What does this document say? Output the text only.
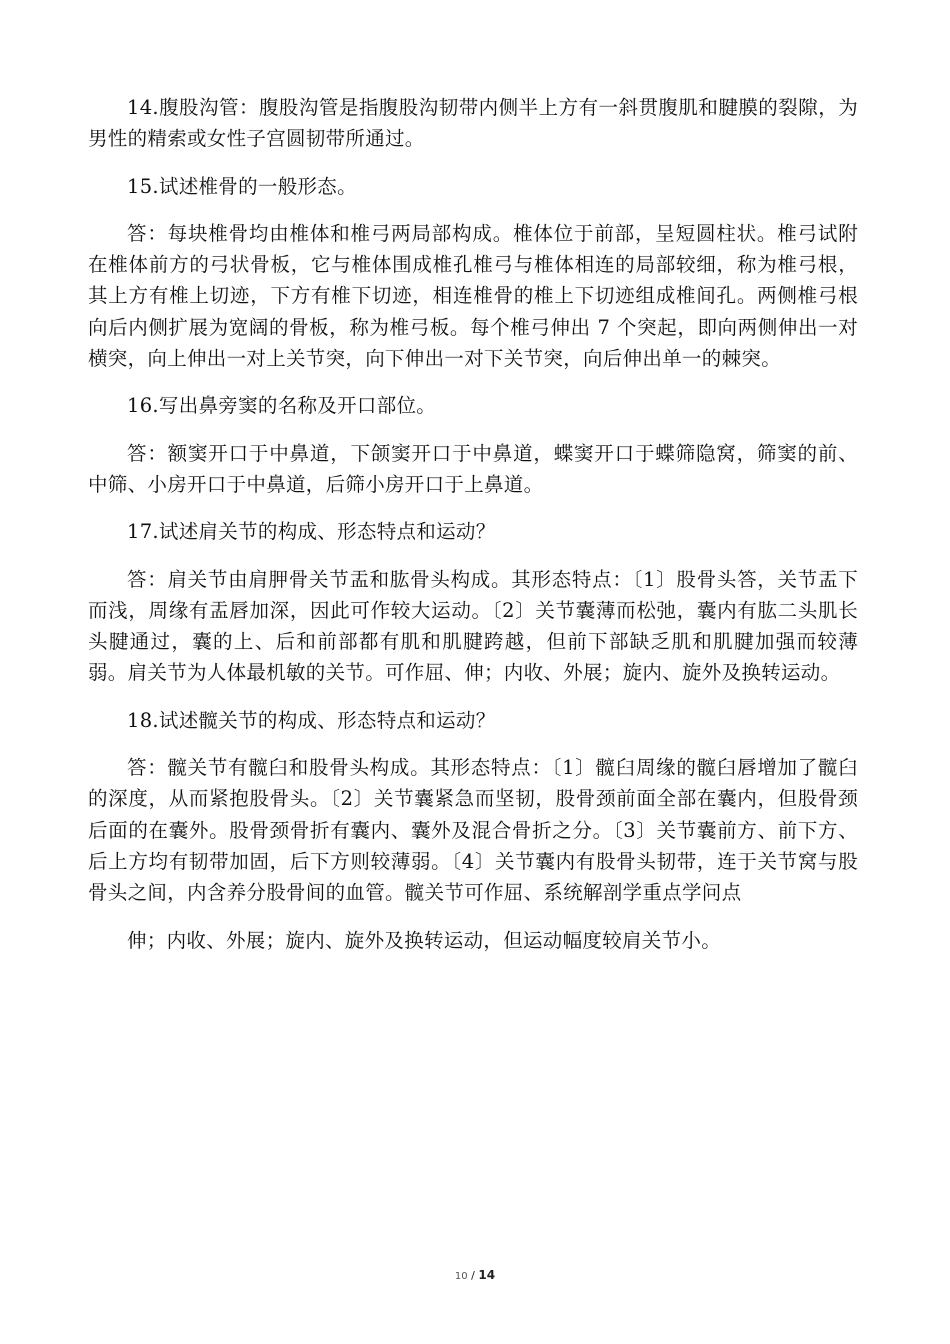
14.腹股沟管：腹股沟管是指腹股沟韧带内侧半上方有一斜贯腹肌和腱膜的裂隙，为男性的精索或女性子宫圆韧带所通过。

15.试述椎骨的一般形态。

答：每块椎骨均由椎体和椎弓两局部构成。椎体位于前部，呈短圆柱状。椎弓试附在椎体前方的弓状骨板，它与椎体围成椎孔椎弓与椎体相连的局部较细，称为椎弓根，其上方有椎上切迹，下方有椎下切迹，相连椎骨的椎上下切迹组成椎间孔。两侧椎弓根向后内侧扩展为宽阔的骨板，称为椎弓板。每个椎弓伸出 7 个突起，即向两侧伸出一对横突，向上伸出一对上关节突，向下伸出一对下关节突，向后伸出单一的棘突。

16.写出鼻旁窦的名称及开口部位。

答：额窦开口于中鼻道，下颌窦开口于中鼻道，蝶窦开口于蝶筛隐窝，筛窦的前、中筛、小房开口于中鼻道，后筛小房开口于上鼻道。

17.试述肩关节的构成、形态特点和运动？

答：肩关节由肩胛骨关节盂和肱骨头构成。其形态特点：〔1〕股骨头答，关节盂下而浅，周缘有盂唇加深，因此可作较大运动。〔2〕关节囊薄而松弛，囊内有肱二头肌长头腱通过，囊的上、后和前部都有肌和肌腱跨越，但前下部缺乏肌和肌腱加强而较薄弱。肩关节为人体最机敏的关节。可作屈、伸；内收、外展；旋内、旋外及换转运动。

18.试述髋关节的构成、形态特点和运动？

答：髋关节有髋臼和股骨头构成。其形态特点：〔1〕髋臼周缘的髋臼唇增加了髋臼的深度，从而紧抱股骨头。〔2〕关节囊紧急而坚韧，股骨颈前面全部在囊内，但股骨颈后面的在囊外。股骨颈骨折有囊内、囊外及混合骨折之分。〔3〕关节囊前方、前下方、后上方均有韧带加固，后下方则较薄弱。〔4〕关节囊内有股骨头韧带，连于关节窝与股骨头之间，内含养分股骨间的血管。髋关节可作屈、系统解剖学重点学问点

伸；内收、外展；旋内、旋外及换转运动，但运动幅度较肩关节小。

10 / 14
